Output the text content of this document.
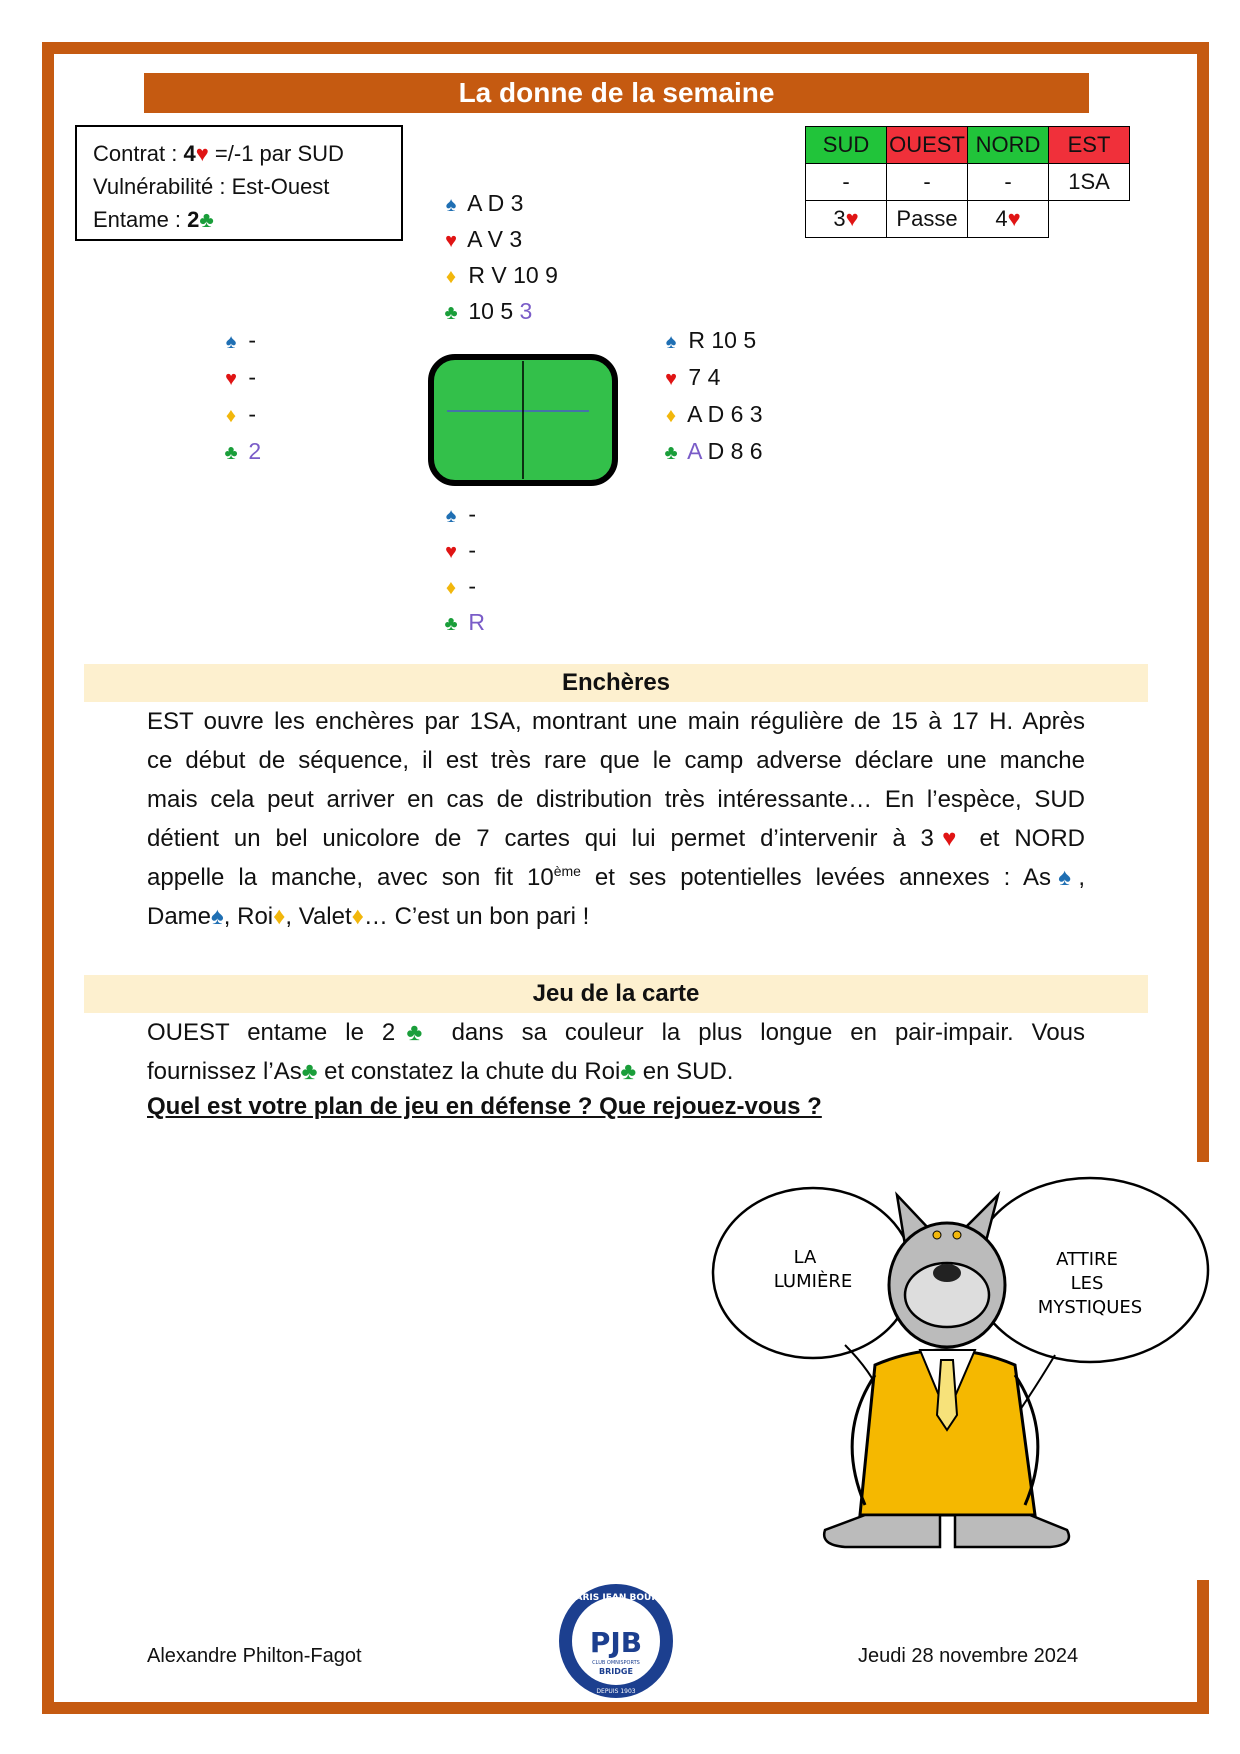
La donne de la semaine
Contrat : 4♥ =/-1 par SUD
Vulnérabilité : Est-Ouest
Entame : 2♣
♠ A D 3
♥ A V 3
♦ R V 10 9
♣ 10 5 3
♠ -
♥ -
♦ -
♣ 2
♠ R 10 5
♥ 7 4
♦ A D 6 3
♣ A D 8 6
♠ -
♥ -
♦ -
♣ R
SUD	OUEST	NORD	EST
-	-	-	1SA
3♥	Passe	4♥	
Enchères
EST ouvre les enchères par 1SA, montrant une main régulière de 15 à 17 H. Après
ce début de séquence, il est très rare que le camp adverse déclare une manche
mais cela peut arriver en cas de distribution très intéressante… En l’espèce, SUD
détient un bel unicolore de 7 cartes qui lui permet d’intervenir à 3♥ et NORD
appelle la manche, avec son fit 10ème et ses potentielles levées annexes : As♠,
Dame♠, Roi♦, Valet♦… C’est un bon pari !
Jeu de la carte
OUEST entame le 2♣ dans sa couleur la plus longue en pair-impair. Vous
fournissez l’As♣ et constatez la chute du Roi♣ en SUD.
Quel est votre plan de jeu en défense ? Que rejouez-vous ?
LA
LUMIÈRE
ATTIRE
LES
MYSTIQUES
Alexandre Philton-Fagot	Jeudi 28 novembre 2024
PARIS JEAN BOUIN
PJB
CLUB OMNISPORTS
BRIDGE
DEPUIS 1903
